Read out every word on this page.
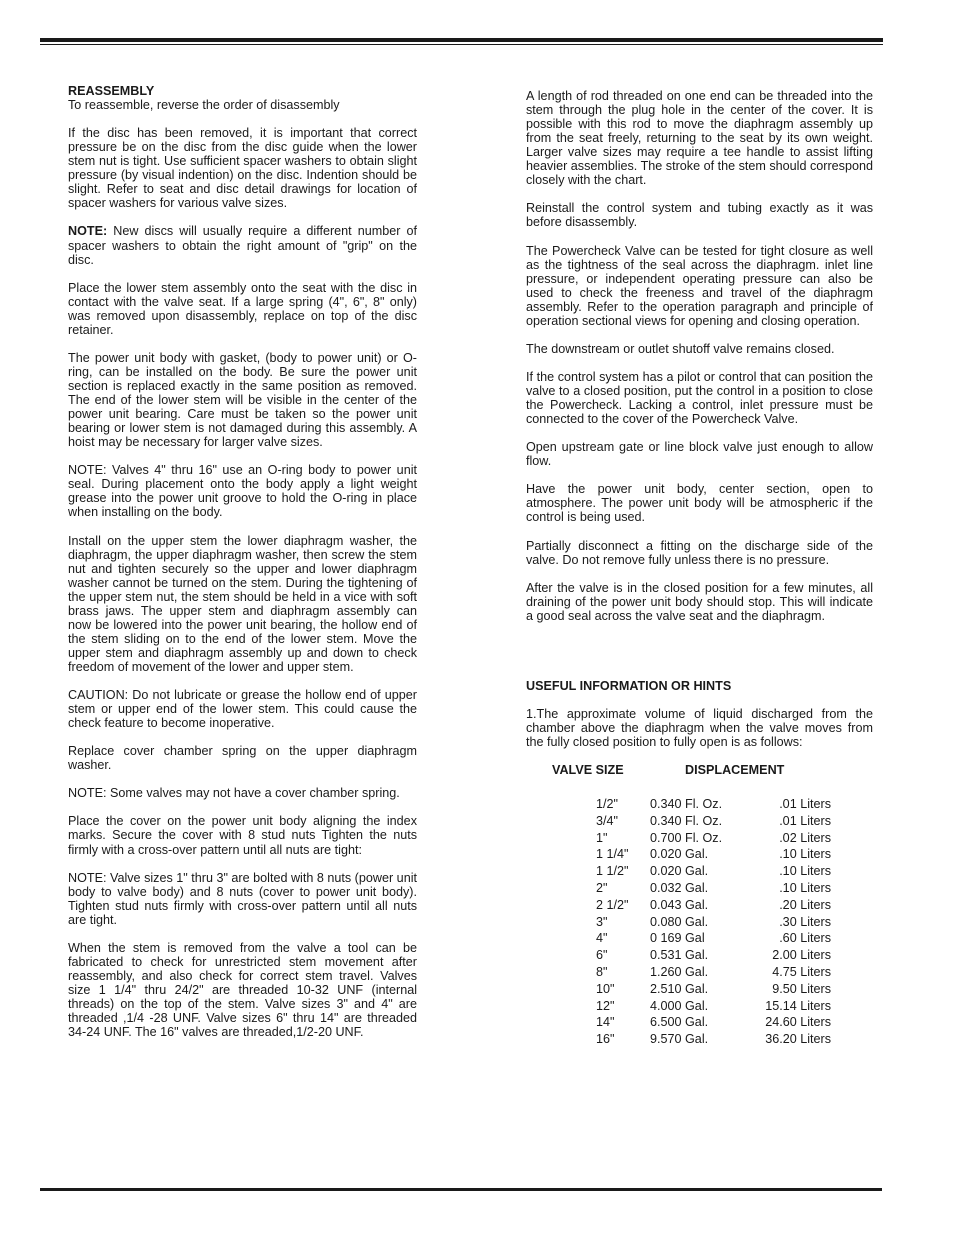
REASSEMBLY

To reassemble, reverse the order of disassembly

If the disc has been removed, it is important that correct pressure be on the disc from the disc guide when the lower stem nut is tight. Use sufficient spacer washers to obtain slight pressure (by visual indention) on the disc. Indention should be slight. Refer to seat and disc detail drawings for location of spacer washers for various valve sizes.

NOTE: New discs will usually require a different number of spacer washers to obtain the right amount of "grip" on the disc.

Place the lower stem assembly onto the seat with the disc in contact with the valve seat. If a large spring (4", 6", 8" only) was removed upon disassembly, replace on top of the disc retainer.

The power unit body with gasket, (body to power unit) or O-ring, can be installed on the body. Be sure the power unit section is replaced exactly in the same position as removed. The end of the lower stem will be visible in the center of the power unit bearing. Care must be taken so the power unit bearing or lower stem is not damaged during this assembly. A hoist may be necessary for larger valve sizes.

NOTE: Valves 4" thru 16" use an O-ring body to power unit seal. During placement onto the body apply a light weight grease into the power unit groove to hold the O-ring in place when installing on the body.

Install on the upper stem the lower diaphragm washer, the diaphragm, the upper diaphragm washer, then screw the stem nut and tighten securely so the upper and lower diaphragm washer cannot be turned on the stem. During the tightening of the upper stem nut, the stem should be held in a vice with soft brass jaws. The upper stem and diaphragm assembly can now be lowered into the power unit bearing, the hollow end of the stem sliding on to the end of the lower stem. Move the upper stem and diaphragm assembly up and down to check freedom of movement of the lower and upper stem.

CAUTION: Do not lubricate or grease the hollow end of upper stem or upper end of the lower stem. This could cause the check feature to become inoperative.

Replace cover chamber spring on the upper diaphragm washer.

NOTE: Some valves may not have a cover chamber spring.

Place the cover on the power unit body aligning the index marks. Secure the cover with 8 stud nuts Tighten the nuts firmly with a cross-over pattern until all nuts are tight:

NOTE: Valve sizes 1" thru 3" are bolted with 8 nuts (power unit body to valve body) and 8 nuts (cover to power unit body). Tighten stud nuts firmly with cross-over pattern until all nuts are tight.

When the stem is removed from the valve a tool can be fabricated to check for unrestricted stem movement after reassembly, and also check for correct stem travel. Valves size 1 1/4" thru 24/2" are threaded 10-32 UNF (internal threads) on the top of the stem. Valve sizes 3" and 4" are threaded ,1/4 -28 UNF. Valve sizes 6" thru 14" are threaded 34-24 UNF. The 16" valves are threaded,1/2-20 UNF.

A length of rod threaded on one end can be threaded into the stem through the plug hole in the center of the cover. It is possible with this rod to move the diaphragm assembly up from the seat freely, returning to the seat by its own weight. Larger valve sizes may require a tee handle to assist lifting heavier assemblies. The stroke of the stem should correspond closely with the chart.

Reinstall the control system and tubing exactly as it was before disassembly.

The Powercheck Valve can be tested for tight closure as well as the tightness of the seal across the diaphragm. inlet line pressure, or independent operating pressure can also be used to check the freeness and travel of the diaphragm assembly. Refer to the operation paragraph and principle of operation sectional views for opening and closing operation.

The downstream or outlet shutoff valve remains closed.

If the control system has a pilot or control that can position the valve to a closed position, put the control in a position to close the Powercheck. Lacking a control, inlet pressure must be connected to the cover of the Powercheck Valve.

Open upstream gate or line block valve just enough to allow flow.

Have the power unit body, center section, open to atmosphere. The power unit body will be atmospheric if the control is being used.

Partially disconnect a fitting on the discharge side of the valve. Do not remove fully unless there is no pressure.

After the valve is in the closed position for a few minutes, all draining of the power unit body should stop. This will indicate a good seal across the valve seat and the diaphragm.

USEFUL INFORMATION OR HINTS

1.The approximate volume of liquid discharged from the chamber above the diaphragm when the valve moves from the fully closed position to fully open is as follows:

VALVE SIZE	DISPLACEMENT
1/2"	0.340 Fl. Oz.	.01 Liters
3/4"	0.340 Fl. Oz.	.01 Liters
1"	0.700 Fl. Oz.	.02 Liters
1 1/4"	0.020 Gal.	.10 Liters
1 1/2"	0.020 Gal.	.10 Liters
2"	0.032 Gal.	.10 Liters
2 1/2"	0.043 Gal.	.20 Liters
3"	0.080 Gal.	.30 Liters
4"	0 169 Gal	.60 Liters
6"	0.531 Gal.	2.00 Liters
8"	1.260 Gal.	4.75 Liters
10"	2.510 Gal.	9.50 Liters
12"	4.000 Gal.	15.14 Liters
14"	6.500 Gal.	24.60 Liters
16"	9.570 Gal.	36.20 Liters
